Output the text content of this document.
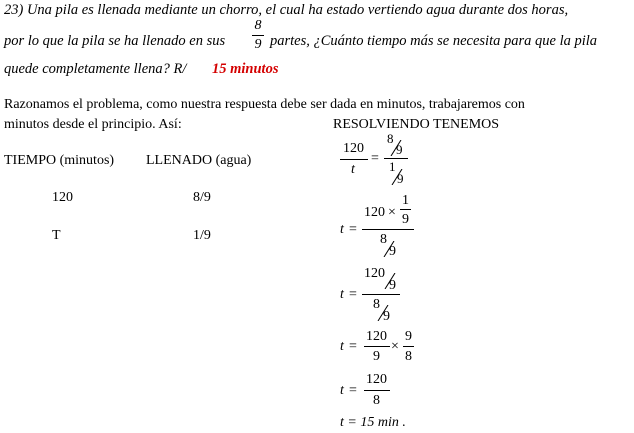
23) Una pila es llenada mediante un chorro, el cual ha estado vertiendo agua durante dos horas,
por lo que la pila se ha llenado en sus
8
9 partes, ¿Cuánto tiempo más se necesita para que la pila
quede completamente llena? R/ 15 minutos
Razonamos el problema, como nuestra respuesta debe ser dada en minutos, trabajaremos con
minutos desde el principio. Así:	RESOLVIENDO TENEMOS
TIEMPO (minutos) LLENADO (agua)
120	8/9
T	1/9
120
t
=
8
9
1
9
t =
120 ×
1
9
8
9
t =
120
9
8
9
t =
120
9
×
9
8
t =
120
8
t = 15 min .
